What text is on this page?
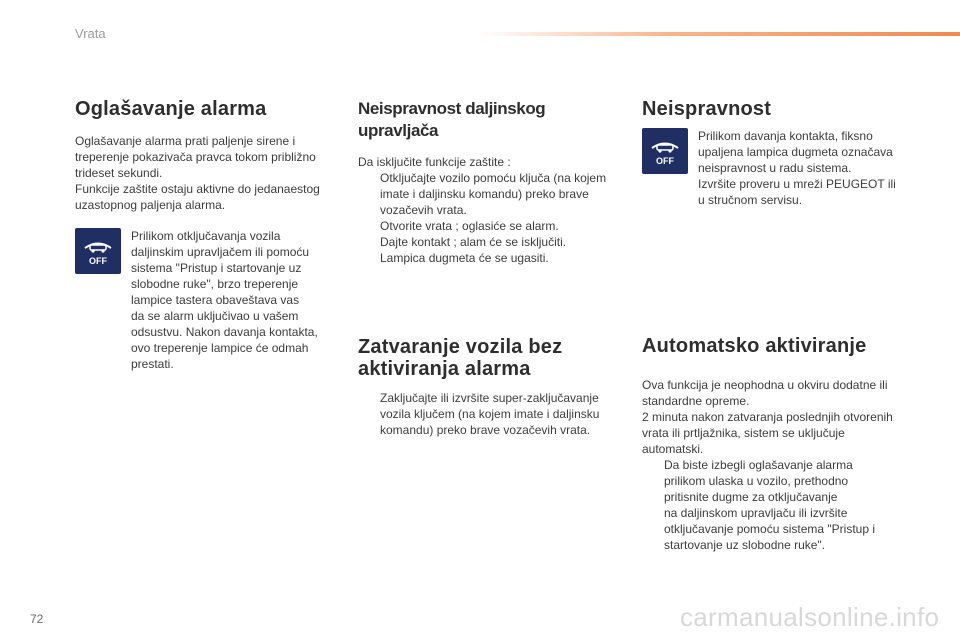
Vrata
Oglašavanje alarma

Oglašavanje alarma prati paljenje sirene i

treperenje pokazivača pravca tokom približno

trideset sekundi.

Funkcije zaštite ostaju aktivne do jedanaestog

uzastopnog paljenja alarma.

OFF

Prilikom otključavanja vozila

daljinskim upravljačem ili pomoću

sistema "Pristup i startovanje uz

slobodne ruke", brzo treperenje

lampice tastera obaveštava vas

da se alarm uključivao u vašem

odsustvu. Nakon davanja kontakta,

ovo treperenje lampice će odmah

prestati.

Neispravnost daljinskog upravljača

Da isključite funkcije zaštite :

Otključajte vozilo pomoću ključa (na kojem

imate i daljinsku komandu) preko brave

vozačevih vrata.

Otvorite vrata ; oglasiće se alarm.

Dajte kontakt ; alam će se isključiti.

Lampica dugmeta će se ugasiti.

Zatvaranje vozila bez
aktiviranja alarma

Zaključajte ili izvršite super-zaključavanje

vozila ključem (na kojem imate i daljinsku

komandu) preko brave vozačevih vrata.

Neispravnost
OFF

Prilikom davanja kontakta, fiksno

upaljena lampica dugmeta označava

neispravnost u radu sistema.

Izvršite proveru u mreži PEUGEOT ili

u stručnom servisu.

Automatsko aktiviranje

Ova funkcija je neophodna u okviru dodatne ili

standardne opreme.

2 minuta nakon zatvaranja poslednjih otvorenih

vrata ili prtljažnika, sistem se uključuje

automatski.

Da biste izbegli oglašavanje alarma

prilikom ulaska u vozilo, prethodno

pritisnite dugme za otključavanje

na daljinskom upravljaču ili izvršite

otključavanje pomoću sistema "Pristup i

startovanje uz slobodne ruke".

72	carmanualsonline.info
